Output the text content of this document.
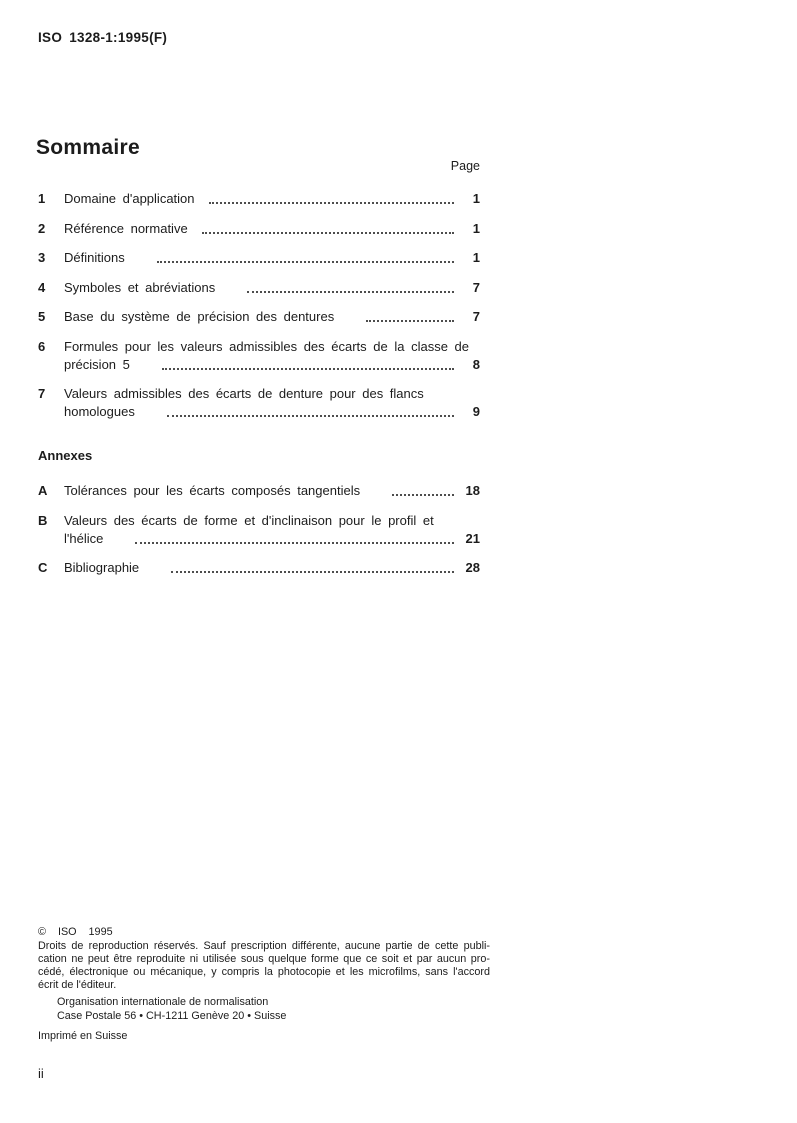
ISO 1328-1:1995(F)
Sommaire
Page
1	Domaine d'application	1
2	Référence normative	1
3	Définitions	1
4	Symboles et abréviations	7
5	Base du système de précision des dentures	7
6	Formules pour les valeurs admissibles des écarts de la classe de
précision 5	8
7	Valeurs admissibles des écarts de denture pour des flancs
homologues	9
Annexes
A	Tolérances pour les écarts composés tangentiels	18
B	Valeurs des écarts de forme et d'inclinaison pour le profil et
l'hélice	21
C	Bibliographie	28
© ISO 1995
Droits de reproduction réservés. Sauf prescription différente, aucune partie de cette publi-
cation ne peut être reproduite ni utilisée sous quelque forme que ce soit et par aucun pro-
cédé, électronique ou mécanique, y compris la photocopie et les microfilms, sans l'accord
écrit de l'éditeur.
Organisation internationale de normalisation
Case Postale 56 • CH-1211 Genève 20 • Suisse
Imprimé en Suisse
ii
